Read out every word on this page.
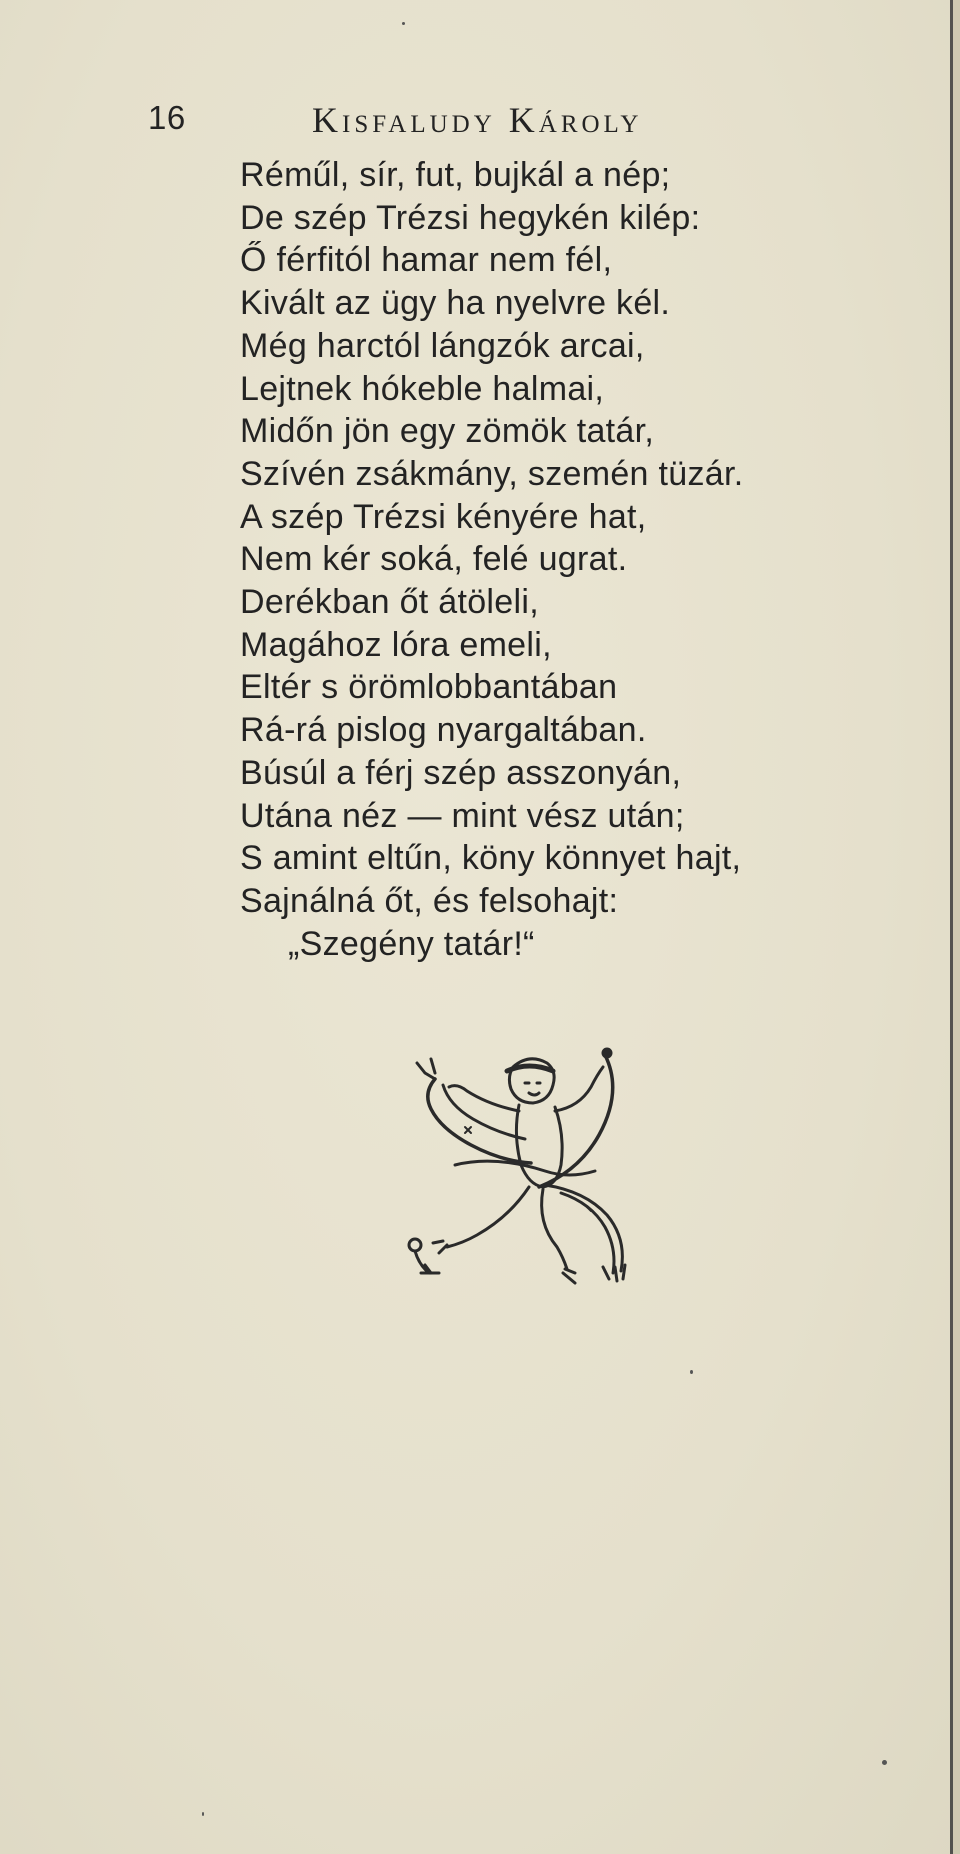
16	Kisfaludy Károly
Réműl, sír, fut, bujkál a nép;
De szép Trézsi hegykén kilép:
Ő férfitól hamar nem fél,
Kivált az ügy ha nyelvre kél.
Még harctól lángzók arcai,
Lejtnek hókeble halmai,
Midőn jön egy zömök tatár,
Szívén zsákmány, szemén tüzár.
A szép Trézsi kényére hat,
Nem kér soká, felé ugrat.
Derékban őt átöleli,
Magához lóra emeli,
Eltér s örömlobbantában
Rá-rá pislog nyargaltában.
Búsúl a férj szép asszonyán,
Utána néz — mint vész után;
S amint eltűn, köny könnyet hajt,
Sajnálná őt, és felsohajt:
„Szegény tatár!“
